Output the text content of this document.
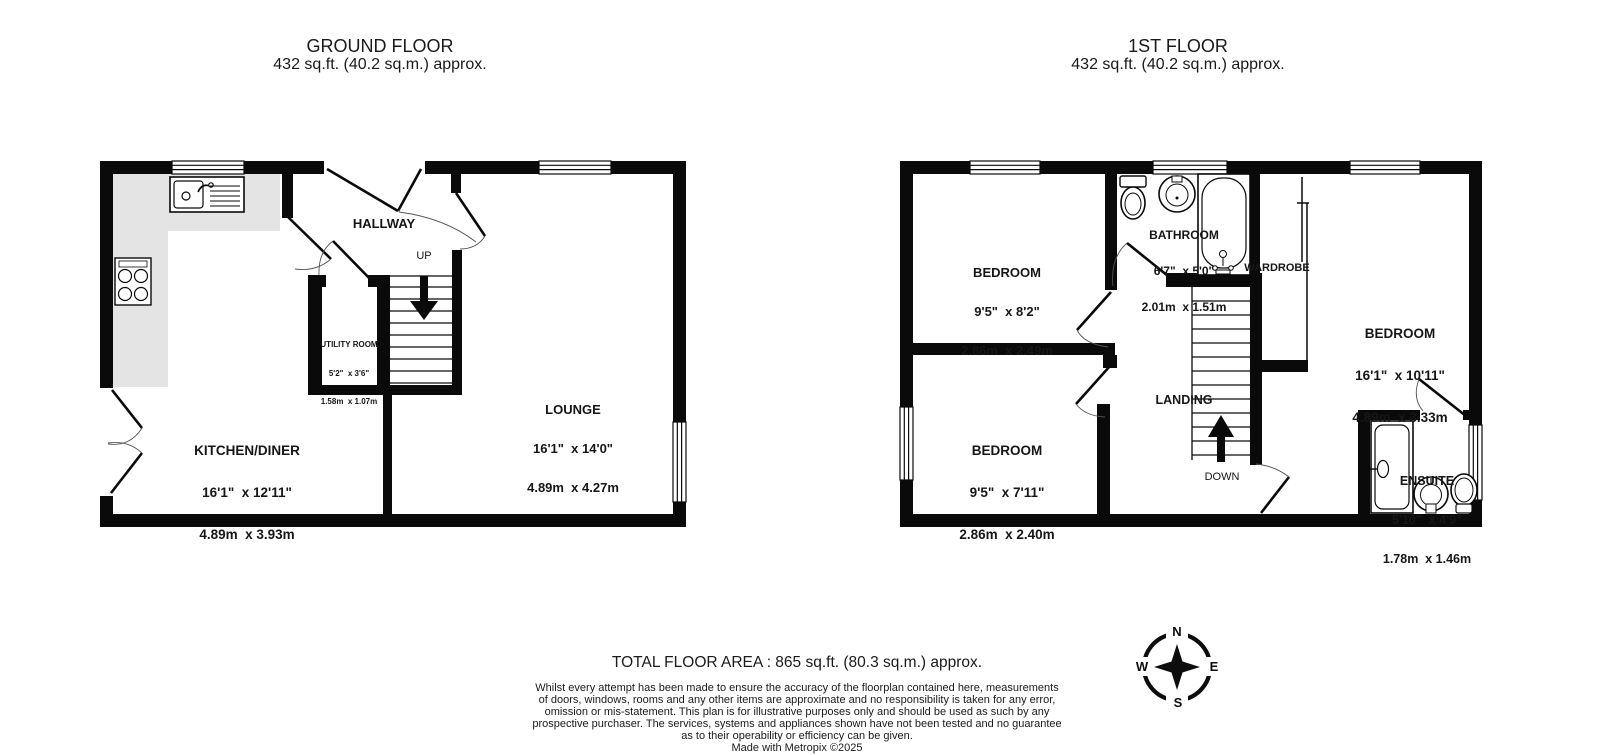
GROUND FLOOR
432 sq.ft. (40.2 sq.m.) approx.
1ST FLOOR
432 sq.ft. (40.2 sq.m.) approx.
HALLWAY
UP

UTILITY ROOM

5'2"  x 3'6"

1.58m  x 1.07m

KITCHEN/DINER

16'1"  x 12'11"

4.89m  x 3.93m

LOUNGE

16'1"  x 14'0"

4.89m  x 4.27m

BEDROOM

9'5"  x 8'2"

2.86m  x 2.49m

BATHROOM

6'7"  x 5'0"

2.01m  x 1.51m

WARDROBE

BEDROOM

16'1"  x 10'11"

4.89m  x 3.33m

BEDROOM

9'5"  x 7'11"

2.86m  x 2.40m

LANDING
DOWN

	ENSUITE

5'10"  x 4'9"

1.78m  x 1.46m

TOTAL FLOOR AREA : 865 sq.ft. (80.3 sq.m.) approx.
Whilst every attempt has been made to ensure the accuracy of the floorplan contained here, measurements
of doors, windows, rooms and any other items are approximate and no responsibility is taken for any error,
omission or mis-statement. This plan is for illustrative purposes only and should be used as such by any
prospective purchaser. The services, systems and appliances shown have not been tested and no guarantee
as to their operability or efficiency can be given.
Made with Metropix ©2025
N
E
S
W
